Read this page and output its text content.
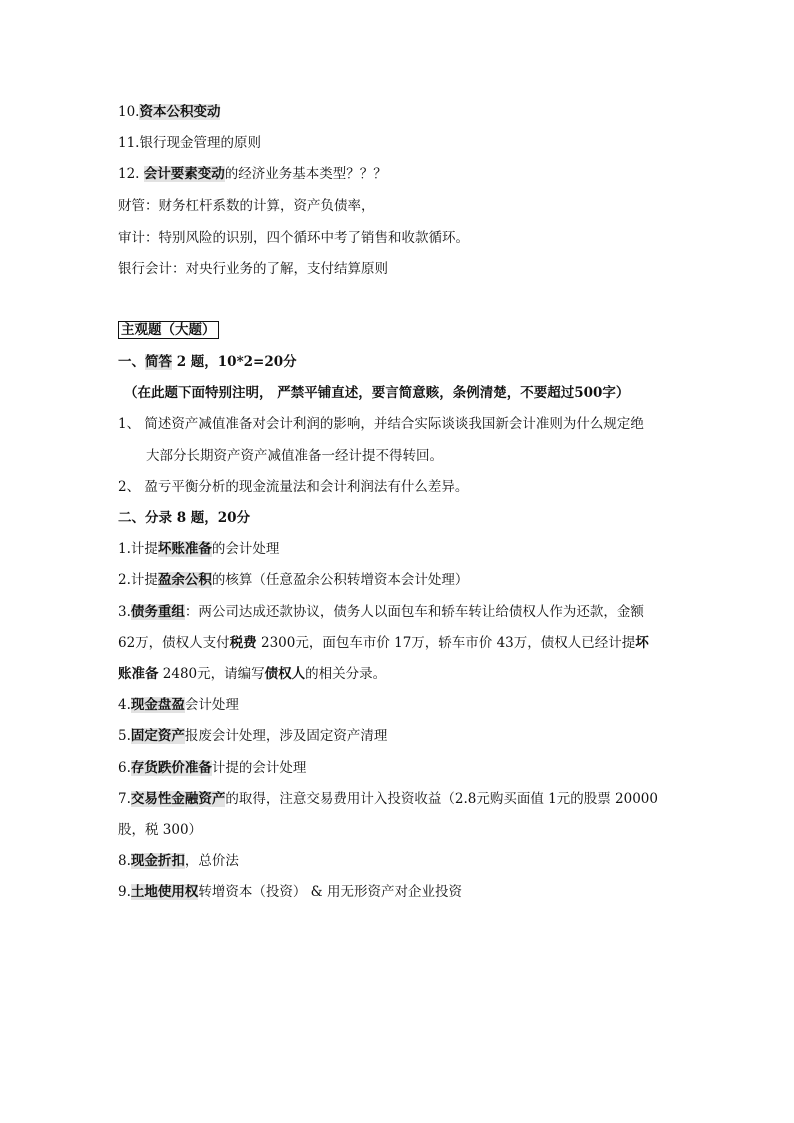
10.资本公积变动
11.银行现金管理的原则
12. 会计要素变动的经济业务基本类型？？？
财管：财务杠杆系数的计算，资产负债率，
审计：特别风险的识别，四个循环中考了销售和收款循环。
银行会计：对央行业务的了解，支付结算原则
主观题（大题）
一、简答 2 题，10*2=20分
（在此题下面特别注明， 严禁平铺直述，要言简意赅，条例清楚，不要超过500字）
1、 简述资产减值准备对会计利润的影响，并结合实际谈谈我国新会计准则为什么规定绝
大部分长期资产资产减值准备一经计提不得转回。
2、 盈亏平衡分析的现金流量法和会计利润法有什么差异。
二、分录 8 题，20分
1.计提坏账准备的会计处理
2.计提盈余公积的核算（任意盈余公积转增资本会计处理）
3.债务重组：两公司达成还款协议，债务人以面包车和轿车转让给债权人作为还款，金额
62万，债权人支付税费 2300元，面包车市价 17万，轿车市价 43万，债权人已经计提坏
账准备 2480元，请编写债权人的相关分录。
4.现金盘盈会计处理
5.固定资产报废会计处理，涉及固定资产清理
6.存货跌价准备计提的会计处理
7.交易性金融资产的取得，注意交易费用计入投资收益（2.8元购买面值 1元的股票 20000
股，税 300）
8.现金折扣，总价法
9.土地使用权转增资本（投资） & 用无形资产对企业投资
